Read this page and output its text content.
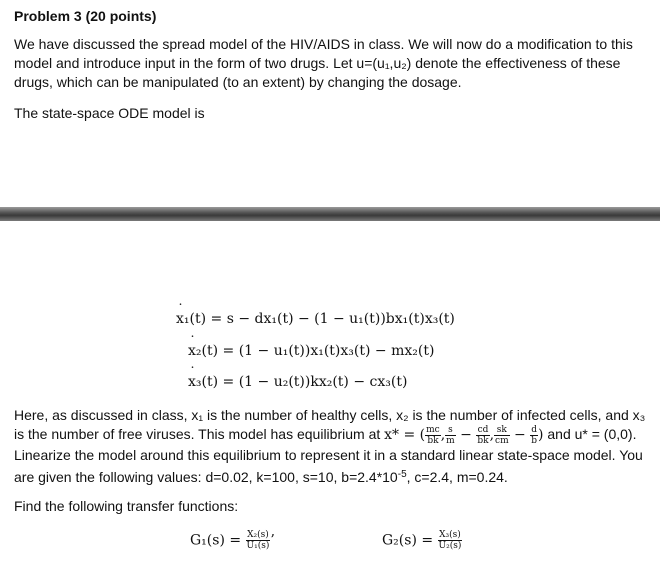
Problem 3 (20 points)
We have discussed the spread model of the HIV/AIDS in class. We will now do a modification to this model and introduce input in the form of two drugs. Let u=(u₁,u₂) denote the effectiveness of these drugs, which can be manipulated (to an extent) by changing the dosage.
The state-space ODE model is
˙ x₁(t) = s − dx₁(t) − (1 − u₁(t))bx₁(t)x₃(t)
˙ x₂(t) = (1 − u₁(t))x₁(t)x₃(t) − mx₂(t)
˙ x₃(t) = (1 − u₂(t))kx₂(t) − cx₃(t)
Here, as discussed in class, x₁ is the number of healthy cells, x₂ is the number of infected cells, and x₃ is the number of free viruses. This model has equilibrium at x* = ( $\frac{mc}{bk}$ , $\frac{s}{m} - \frac{cd}{bk}$ , $\frac{sk}{cm} - \frac{d}{b}$ ) and u* = (0,0). Linearize the model around this equilibrium to represent it in a standard linear state-space model. You are given the following values: d=0.02, k=100, s=10, $b=2.4*10^{-5}$, c=2.4, m=0.24.
Find the following transfer functions:
$G_1(s) = \frac{\text{X₂(s)}}{\text{U₁(s)}}$ ’	$G_2(s) = \frac{\text{X₃(s)}}{\text{U₂(s)}}$
